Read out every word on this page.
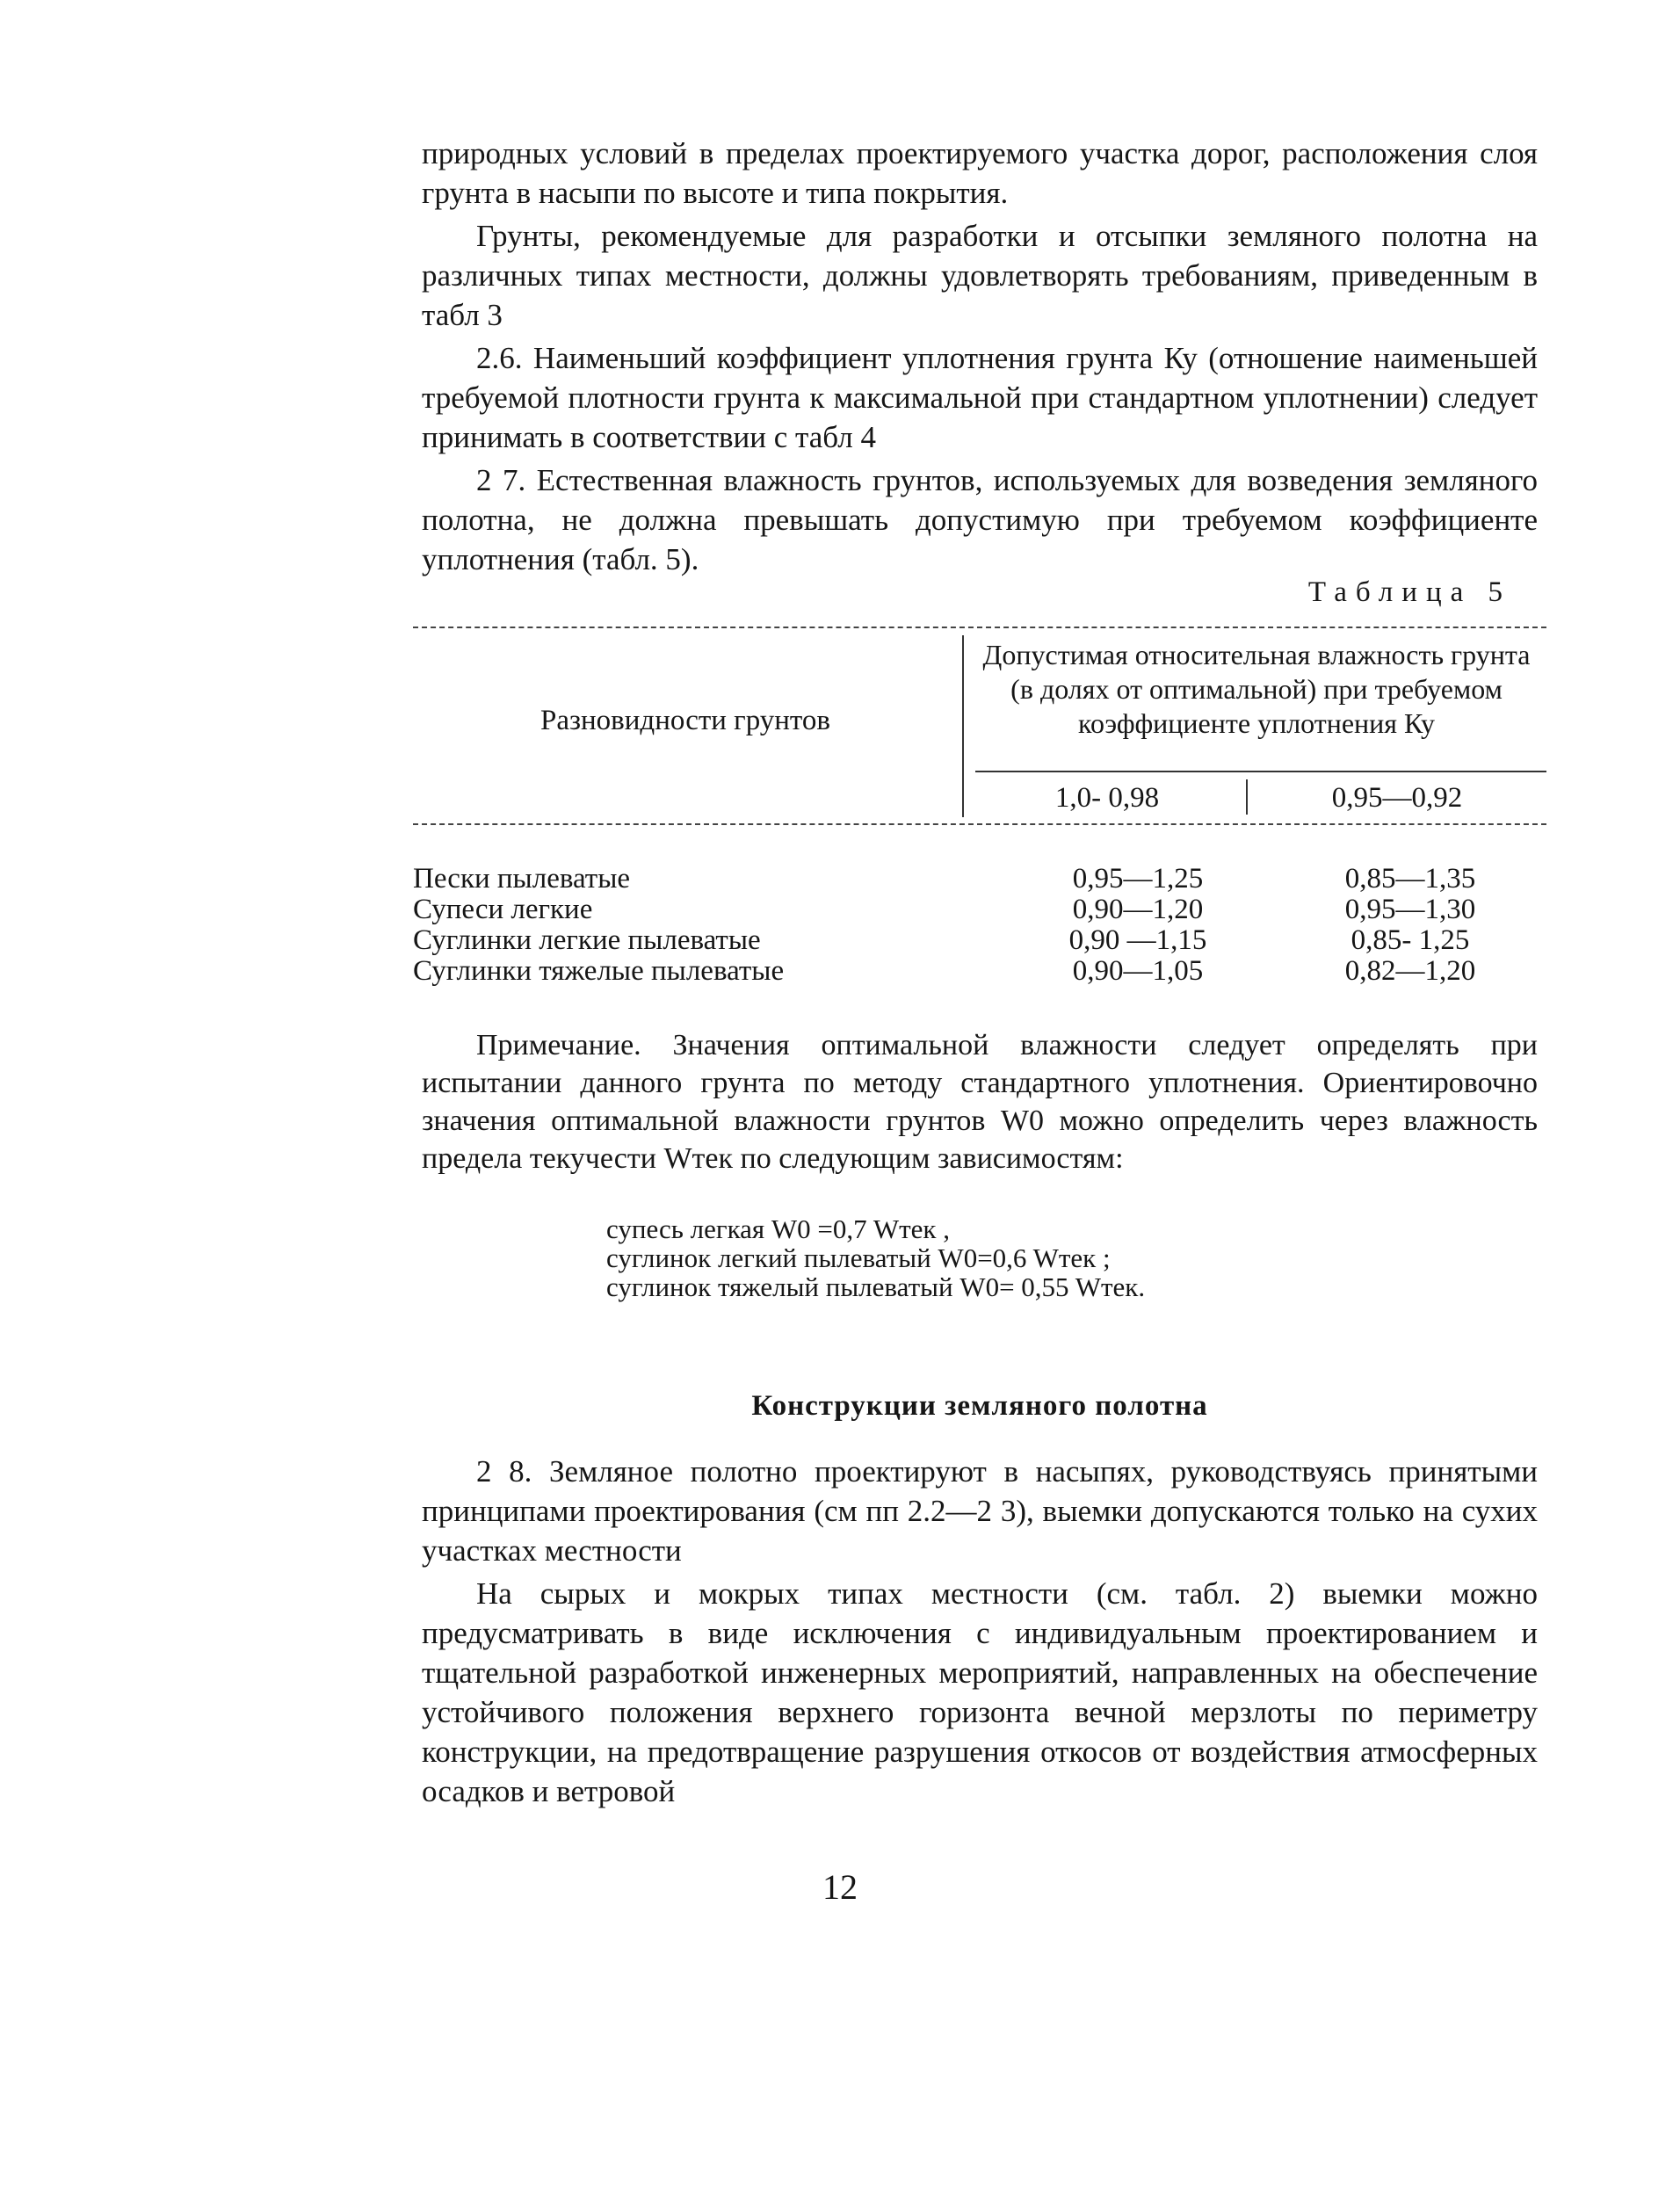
природных условий в пределах проектируемого участка дорог, расположения слоя грунта в насыпи по высоте и типа покрытия.

Грунты, рекомендуемые для разработки и отсыпки земляного полотна на различных типах местности, должны удовлетворять требованиям, приведенным в табл 3

2.6. Наименьший коэффициент уплотнения грунта Ку (отношение наименьшей требуемой плотности грунта к максимальной при стандартном уплотнении) следует принимать в соответствии с табл 4

2 7. Естественная влажность грунтов, используемых для возведения земляного полотна, не должна превышать допустимую при требуемом коэффициенте уплотнения (табл. 5).

Таблица 5
Разновидности грунтов
Допустимая относительная влажность грунта (в долях от оптимальной) при требуемом коэффициенте уплотнения Ку
1,0- 0,98	0,95—0,92
Пески пылеватые	0,95—1,25	0,85—1,35
Супеси легкие	0,90—1,20	0,95—1,30
Суглинки легкие пылеватые	0,90 —1,15	0,85- 1,25
Суглинки тяжелые пылеватые	0,90—1,05	0,82—1,20

Примечание. Значения оптимальной влажности следует определять при испытании данного грунта по методу стандартного уплотнения. Ориентировочно значения оптимальной влажности грунтов W0 можно определить через влажность предела текучести Wтек по следующим зависимостям:

супесь легкая W0 =0,7 Wтек ,
суглинок легкий пылеватый W0=0,6 Wтек ;
суглинок тяжелый пылеватый W0= 0,55 Wтек.
Конструкции земляного полотна

2 8. Земляное полотно проектируют в насыпях, руководствуясь принятыми принципами проектирования (см пп 2.2—2 3), выемки допускаются только на сухих участках местности

На сырых и мокрых типах местности (см. табл. 2) выемки можно предусматривать в виде исключения с индивидуальным проектированием и тщательной разработкой инженерных мероприятий, направленных на обеспечение устойчивого положения верхнего горизонта вечной мерзлоты по периметру конструкции, на предотвращение разрушения откосов от воздействия атмосферных осадков и ветровой

12
